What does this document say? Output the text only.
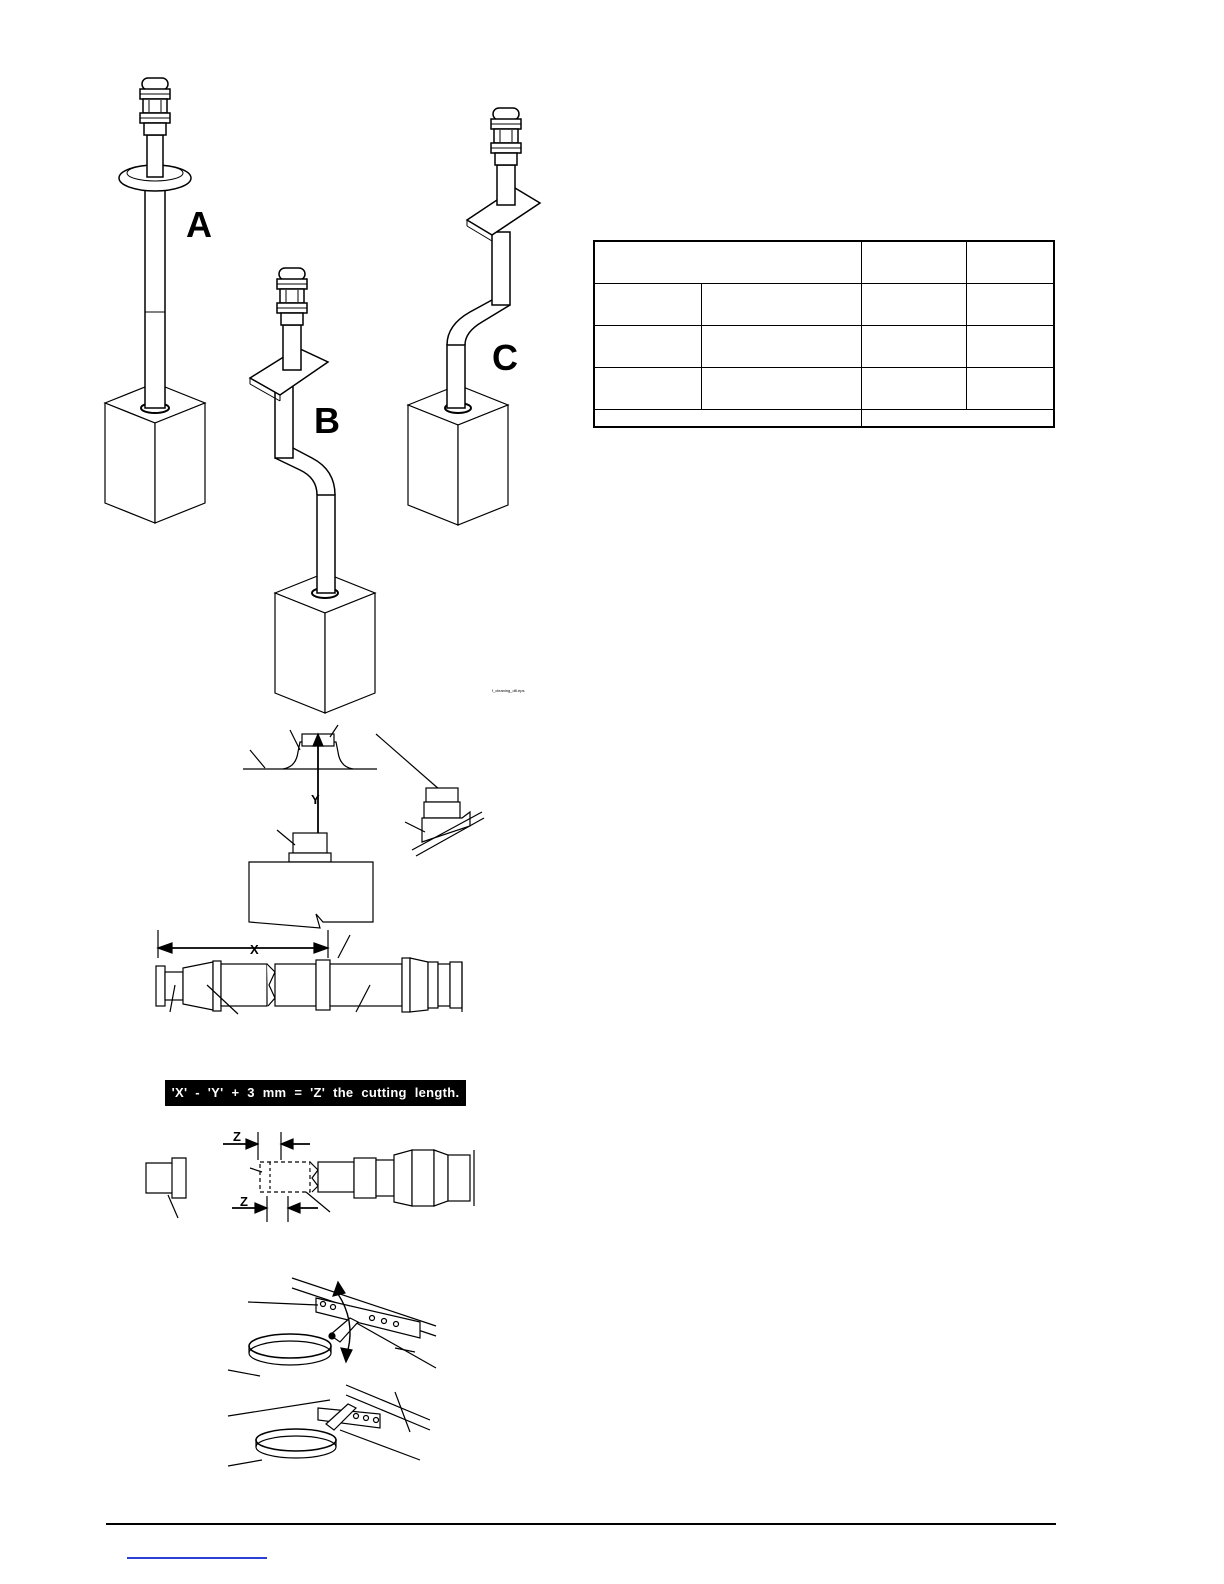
A
B
C
f_cleaning_d8.eps
Y
X
Z
Z

'X' - 'Y' + 3 mm = 'Z' the cutting length.
